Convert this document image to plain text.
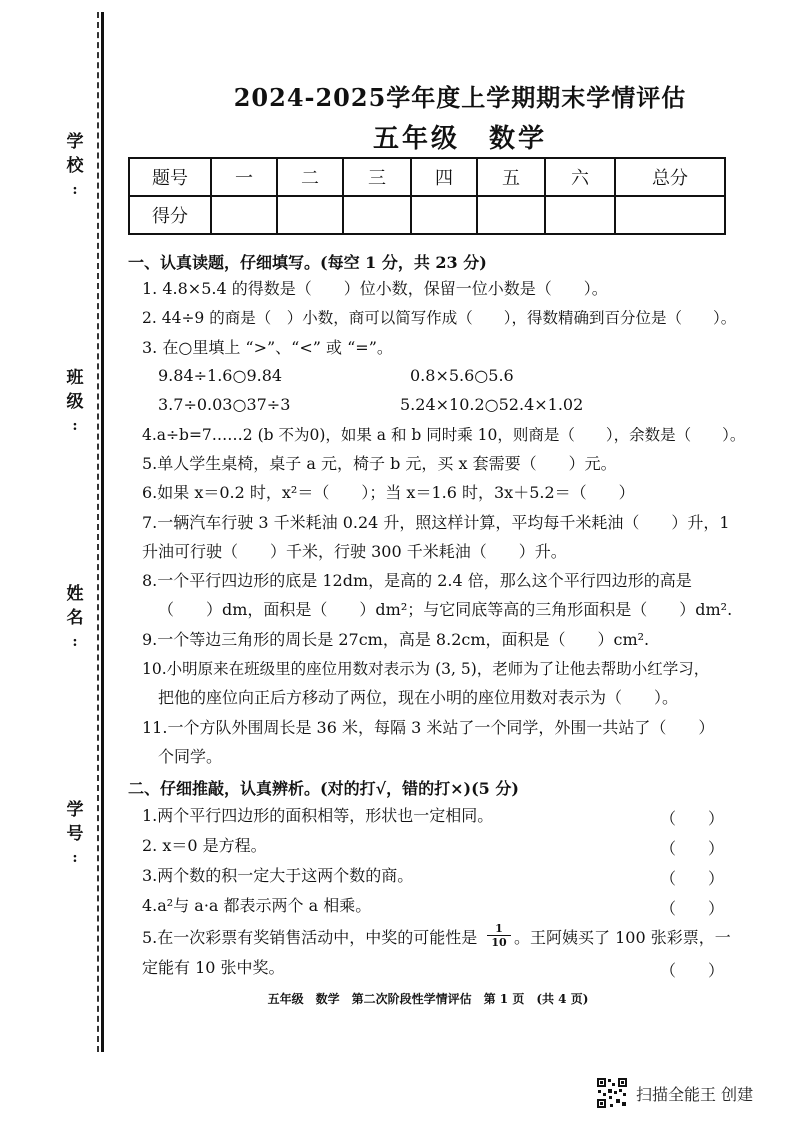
学
校
:
班
级
:
姓
名
:
学
号
:
2024-2025学年度上学期期末学情评估
五年级　数学
题号	一	二	三	四	五	六	总分
得分							
一、认真读题，仔细填写。(每空 1 分，共 23 分)
1. 4.8×5.4 的得数是（　　）位小数，保留一位小数是（　　）。
2. 44÷9 的商是（　）小数，商可以简写作成（　　），得数精确到百分位是（　　）。
3. 在○里填上 “>”、“<” 或 “=”。
9.84÷1.6○9.84	0.8×5.6○5.6
3.7÷0.03○37÷3	5.24×10.2○52.4×1.02
4.a÷b=7……2 (b 不为0)，如果 a 和 b 同时乘 10，则商是（　　），余数是（　　）。
5.单人学生桌椅，桌子 a 元，椅子 b 元，买 x 套需要（　　）元。
6.如果 x＝0.2 时，x²＝（　　）；当 x＝1.6 时，3x＋5.2＝（　　）
7.一辆汽车行驶 3 千米耗油 0.24 升，照这样计算，平均每千米耗油（　　）升，1
升油可行驶（　　）千米，行驶 300 千米耗油（　　）升。
8.一个平行四边形的底是 12dm，是高的 2.4 倍，那么这个平行四边形的高是
（　　）dm，面积是（　　）dm²；与它同底等高的三角形面积是（　　）dm².
9.一个等边三角形的周长是 27cm，高是 8.2cm，面积是（　　）cm².
10.小明原来在班级里的座位用数对表示为 (3, 5)，老师为了让他去帮助小红学习，
把他的座位向正后方移动了两位，现在小明的座位用数对表示为（　　）。
11.一个方队外围周长是 36 米，每隔 3 米站了一个同学，外围一共站了（　　）
个同学。
二、仔细推敲，认真辨析。(对的打√，错的打×)(5 分)
1.两个平行四边形的面积相等，形状也一定相同。	（　　）
2. x＝0 是方程。	（　　）
3.两个数的积一定大于这两个数的商。	（　　）
4.a²与 a·a 都表示两个 a 相乘。	（　　）
5.在一次彩票有奖销售活动中，中奖的可能性是 $\frac{1}{10}$ 。王阿姨买了 100 张彩票，一
定能有 10 张中奖。	（　　）
五年级　数学　第二次阶段性学情评估　第 1 页　(共 4 页)
扫描全能王 创建
